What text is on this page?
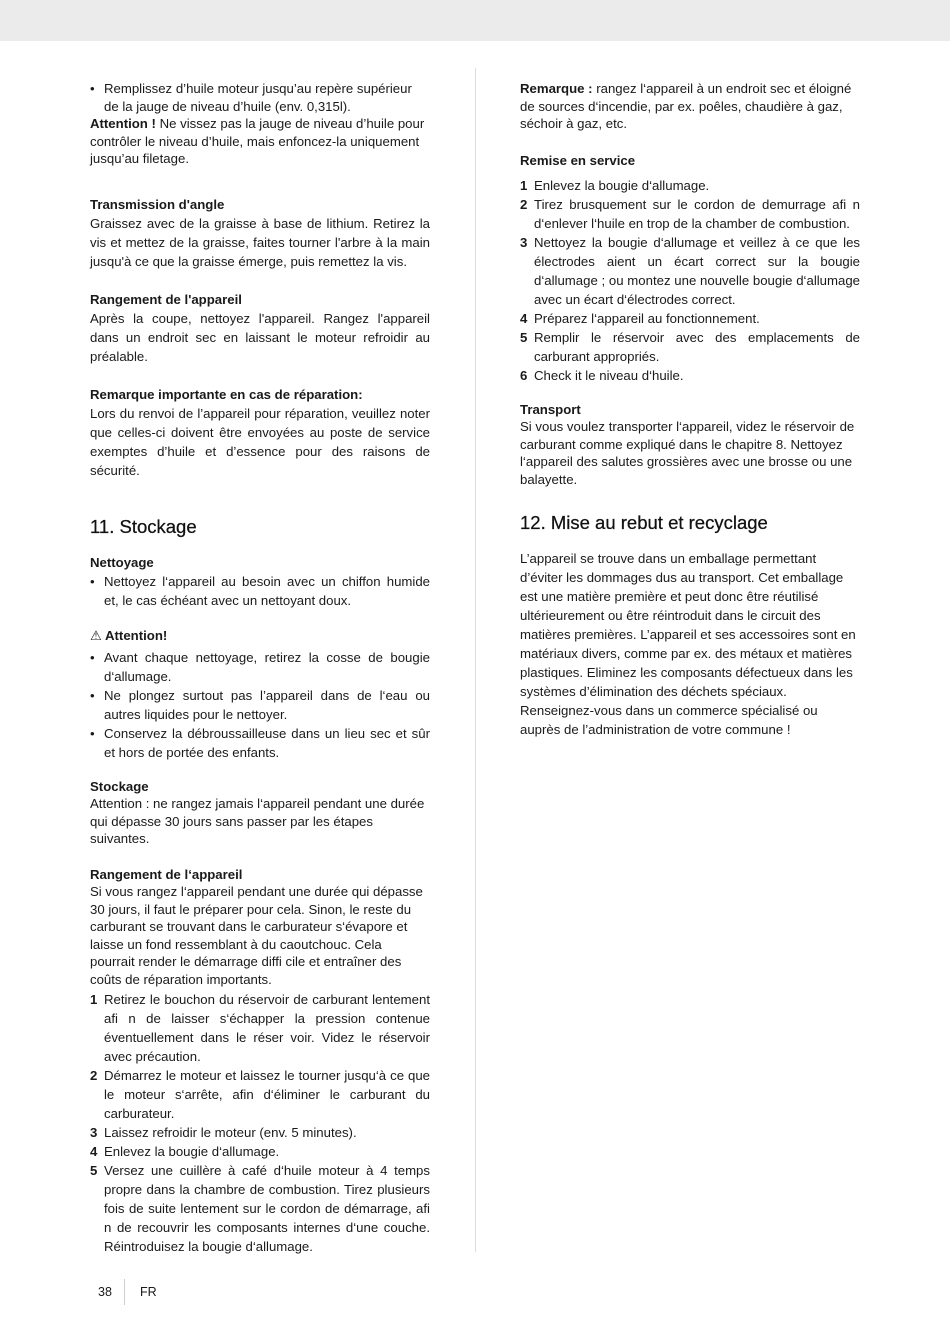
• Remplissez d’huile moteur jusqu’au repère supérieur de la jauge de niveau d’huile (env. 0,315l).

Attention ! Ne vissez pas la jauge de niveau d’huile pour contrôler le niveau d’huile, mais enfoncez-la uniquement jusqu’au filetage.

Transmission d'angle

Graissez avec de la graisse à base de lithium. Retirez la vis et mettez de la graisse, faites tourner l'arbre à la main jusqu'à ce que la graisse émerge, puis remettez la vis.

Rangement de l'appareil

Après la coupe, nettoyez l'appareil. Rangez l'appareil dans un endroit sec en laissant le moteur refroidir au préalable.

Remarque importante en cas de réparation:

Lors du renvoi de l’appareil pour réparation, veuillez noter que celles-ci doivent être envoyées au poste de service exemptes d’huile et d’essence pour des raisons de sécurité.

11. Stockage

Nettoyage

• Nettoyez l‘appareil au besoin avec un chiffon humide et, le cas échéant avec un nettoyant doux.

⚠ Attention!

• Avant chaque nettoyage, retirez la cosse de bougie d‘allumage.

• Ne plongez surtout pas l’appareil dans de l‘eau ou autres liquides pour le nettoyer.

• Conservez la débroussailleuse dans un lieu sec et sûr et hors de portée des enfants.

Stockage

Attention : ne rangez jamais l‘appareil pendant une durée qui dépasse 30 jours sans passer par les étapes suivantes.

Rangement de l‘appareil

Si vous rangez l‘appareil pendant une durée qui dépasse 30 jours, il faut le préparer pour cela. Sinon, le reste du carburant se trouvant dans le carburateur s‘évapore et laisse un fond ressemblant à du caoutchouc. Cela pourrait render le démarrage diffi cile et entraîner des coûts de réparation importants.

1 Retirez le bouchon du réservoir de carburant lentement afi n de laisser s‘échapper la pression contenue éventuellement dans le réser voir. Videz le réservoir avec précaution.
2 Démarrez le moteur et laissez le tourner jusqu‘à ce que le moteur s‘arrête, afin d‘éliminer le carburant du carburateur.
3 Laissez refroidir le moteur (env. 5 minutes).
4 Enlevez la bougie d‘allumage.
5 Versez une cuillère à café d‘huile moteur à 4 temps propre dans la chambre de combustion. Tirez plusieurs fois de suite lentement sur le cordon de démarrage, afi n de recouvrir les composants internes d‘une couche. Réintroduisez la bougie d‘allumage.

Remarque : rangez l‘appareil à un endroit sec et éloigné de sources d‘incendie, par ex. poêles, chaudière à gaz, séchoir à gaz, etc.

Remise en service

1 Enlevez la bougie d‘allumage.
2 Tirez brusquement sur le cordon de demurrage afi n d‘enlever l‘huile en trop de la chamber de combustion.
3 Nettoyez la bougie d‘allumage et veillez à ce que les électrodes aient un écart correct sur la bougie d‘allumage ; ou montez une nouvelle bougie d‘allumage avec un écart d‘électrodes correct.
4 Préparez l‘appareil au fonctionnement.
5 Remplir le réservoir avec des emplacements de carburant appropriés.
6 Check it le niveau d‘huile.

Transport

Si vous voulez transporter l‘appareil, videz le réservoir de carburant comme expliqué dans le chapitre 8. Nettoyez l‘appareil des salutes grossières avec une brosse ou une balayette.

12. Mise au rebut et recyclage

L’appareil se trouve dans un emballage permettant d’éviter les dommages dus au transport. Cet emballage est une matière première et peut donc être réutilisé ultérieurement ou être réintroduit dans le circuit des matières premières. L’appareil et ses accessoires sont en matériaux divers, comme par ex. des métaux et matières plastiques. Eliminez les composants défectueux dans les systèmes d’élimination des déchets spéciaux. Renseignez-vous dans un commerce spécialisé ou auprès de l’administration de votre commune !

38 FR
